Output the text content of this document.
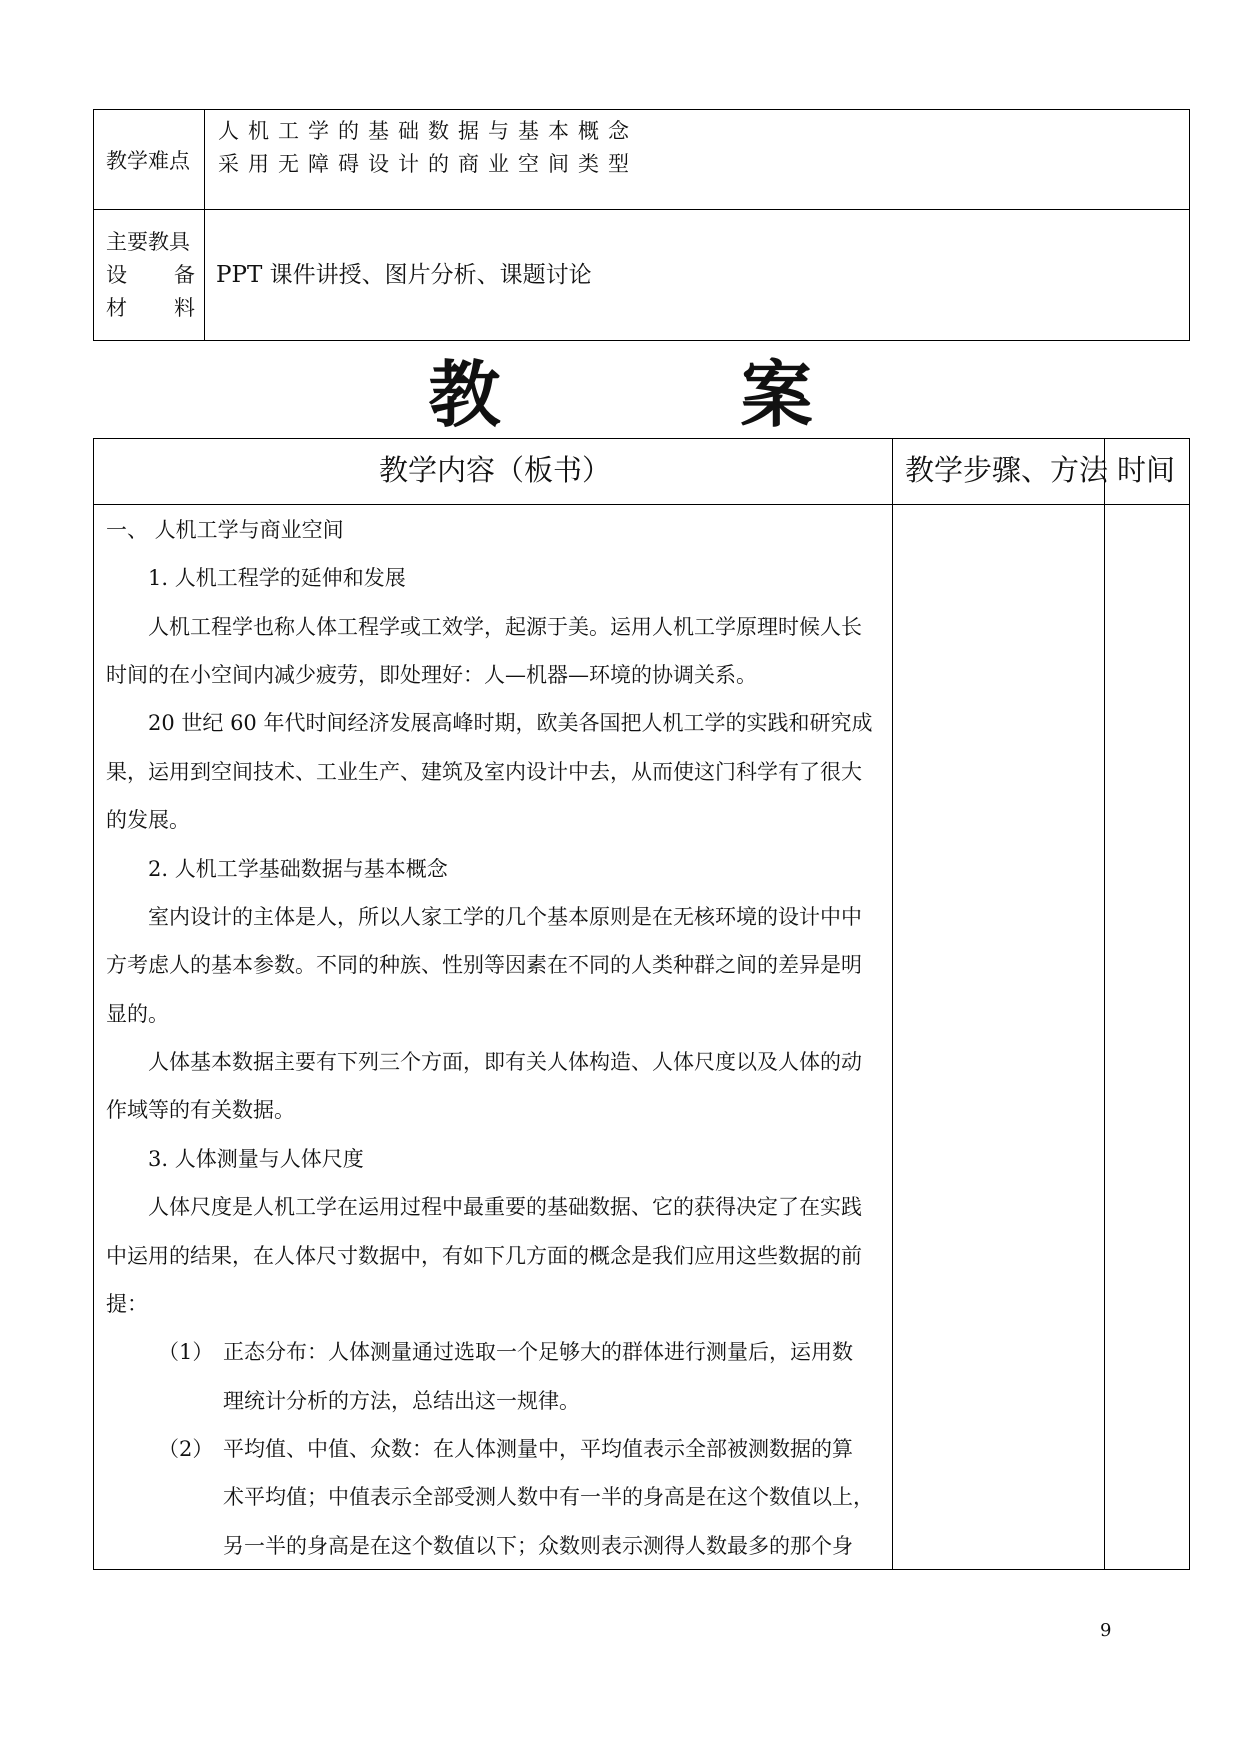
教学难点
人机工学的基础数据与基本概念
采用无障碍设计的商业空间类型
主要教具
设 备
材 料
PPT 课件讲授、图片分析、课题讨论
教	案
教学内容（板书）	教学步骤、方法 时间
一、 人机工学与商业空间
1. 人机工程学的延伸和发展
人机工程学也称人体工程学或工效学，起源于美。运用人机工学原理时候人长
时间的在小空间内减少疲劳，即处理好：人—机器—环境的协调关系。
20 世纪 60 年代时间经济发展高峰时期，欧美各国把人机工学的实践和研究成
果，运用到空间技术、工业生产、建筑及室内设计中去，从而使这门科学有了很大
的发展。
2. 人机工学基础数据与基本概念
室内设计的主体是人，所以人家工学的几个基本原则是在无核环境的设计中中
方考虑人的基本参数。不同的种族、性别等因素在不同的人类种群之间的差异是明
显的。
人体基本数据主要有下列三个方面，即有关人体构造、人体尺度以及人体的动
作域等的有关数据。
3. 人体测量与人体尺度
人体尺度是人机工学在运用过程中最重要的基础数据、它的获得决定了在实践
中运用的结果，在人体尺寸数据中，有如下几方面的概念是我们应用这些数据的前
提：
（1） 正态分布：人体测量通过选取一个足够大的群体进行测量后，运用数
理统计分析的方法，总结出这一规律。
（2） 平均值、中值、众数：在人体测量中，平均值表示全部被测数据的算
术平均值；中值表示全部受测人数中有一半的身高是在这个数值以上，
另一半的身高是在这个数值以下；众数则表示测得人数最多的那个身
9
